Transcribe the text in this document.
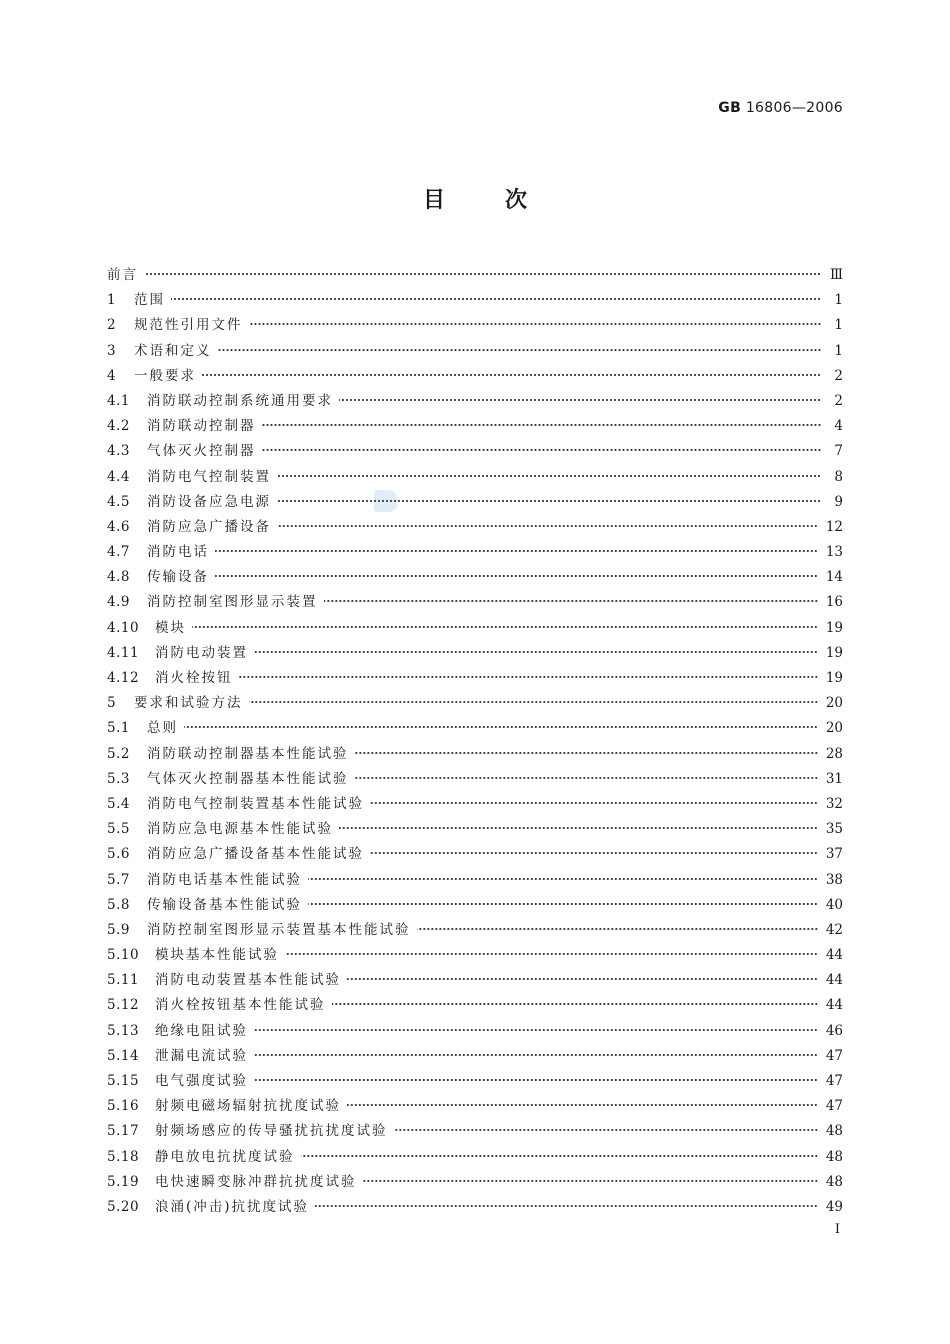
GB 16806—2006
目	次
前言	Ⅲ
1	范围	1
2	规范性引用文件	1
3	术语和定义	1
4	一般要求	2
4.1	消防联动控制系统通用要求	2
4.2	消防联动控制器	4
4.3	气体灭火控制器	7
4.4	消防电气控制装置	8
4.5	消防设备应急电源	9
4.6	消防应急广播设备	12
4.7	消防电话	13
4.8	传输设备	14
4.9	消防控制室图形显示装置	16
4.10	模块	19
4.11	消防电动装置	19
4.12	消火栓按钮	19
5	要求和试验方法	20
5.1	总则	20
5.2	消防联动控制器基本性能试验	28
5.3	气体灭火控制器基本性能试验	31
5.4	消防电气控制装置基本性能试验	32
5.5	消防应急电源基本性能试验	35
5.6	消防应急广播设备基本性能试验	37
5.7	消防电话基本性能试验	38
5.8	传输设备基本性能试验	40
5.9	消防控制室图形显示装置基本性能试验	42
5.10	模块基本性能试验	44
5.11	消防电动装置基本性能试验	44
5.12	消火栓按钮基本性能试验	44
5.13	绝缘电阻试验	46
5.14	泄漏电流试验	47
5.15	电气强度试验	47
5.16	射频电磁场辐射抗扰度试验	47
5.17	射频场感应的传导骚扰抗扰度试验	48
5.18	静电放电抗扰度试验	48
5.19	电快速瞬变脉冲群抗扰度试验	48
5.20	浪涌(冲击)抗扰度试验	49
I
